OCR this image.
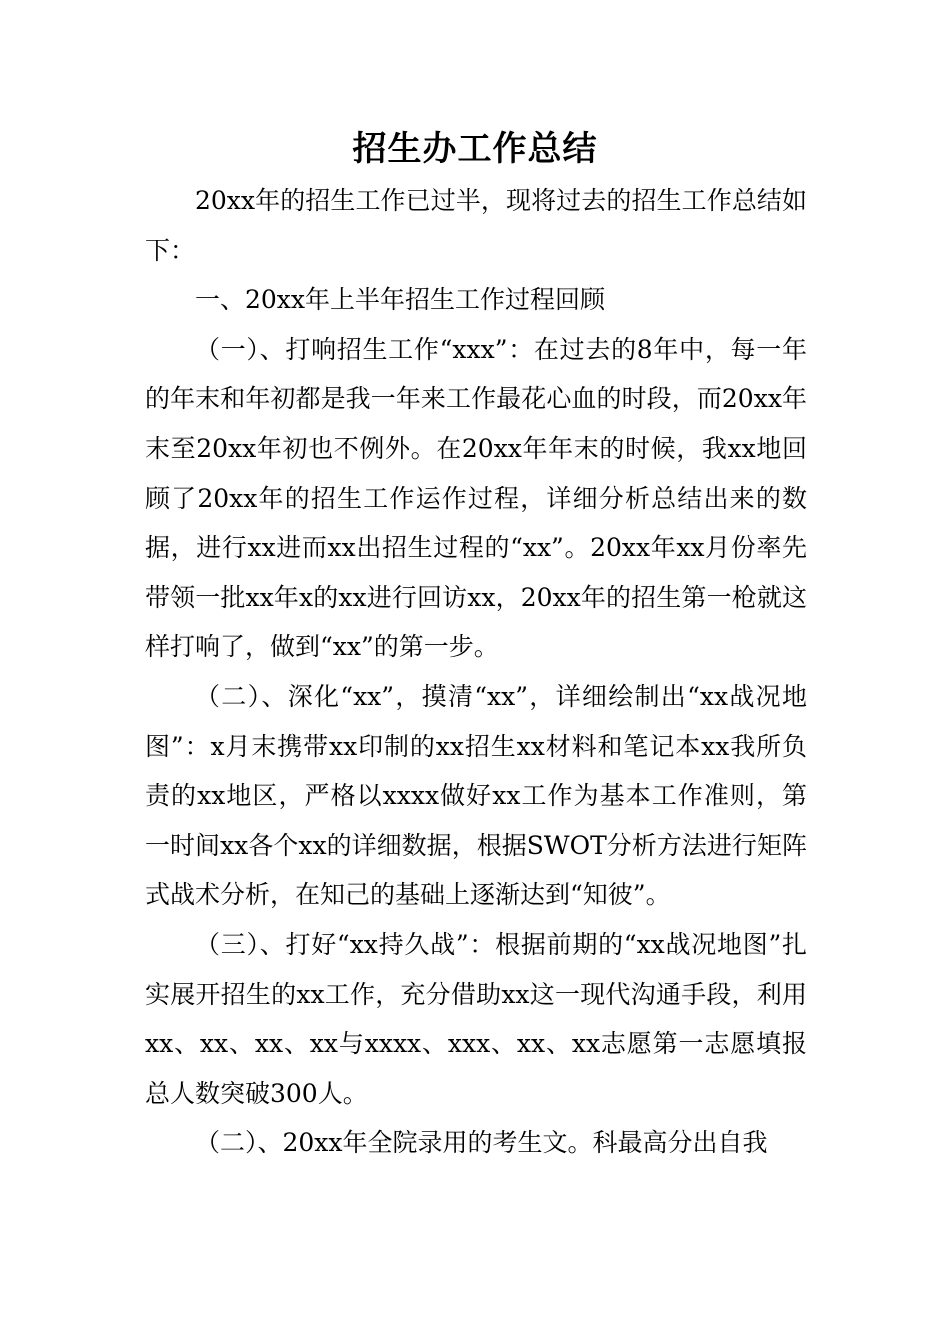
招生办工作总结

20xx年的招生工作已过半，现将过去的招生工作总结如下：

一、20xx年上半年招生工作过程回顾

（一）、打响招生工作“xxx”：在过去的8年中，每一年的年末和年初都是我一年来工作最花心血的时段，而20xx年末至20xx年初也不例外。在20xx年年末的时候，我xx地回顾了20xx年的招生工作运作过程，详细分析总结出来的数据，进行xx进而xx出招生过程的“xx”。20xx年xx月份率先带领一批xx年x的xx进行回访xx，20xx年的招生第一枪就这样打响了，做到“xx”的第一步。

（二）、深化“xx”，摸清“xx”，详细绘制出“xx战况地图”：x月末携带xx印制的xx招生xx材料和笔记本xx我所负责的xx地区，严格以xxxx做好xx工作为基本工作准则，第一时间xx各个xx的详细数据，根据SWOT分析方法进行矩阵式战术分析，在知己的基础上逐渐达到“知彼”。

（三）、打好“xx持久战”：根据前期的“xx战况地图”扎实展开招生的xx工作，充分借助xx这一现代沟通手段，利用xx、xx、xx、xx与xxxx、xxx、xx、xx志愿第一志愿填报总人数突破300人。

（二）、20xx年全院录用的考生文。科最高分出自我
